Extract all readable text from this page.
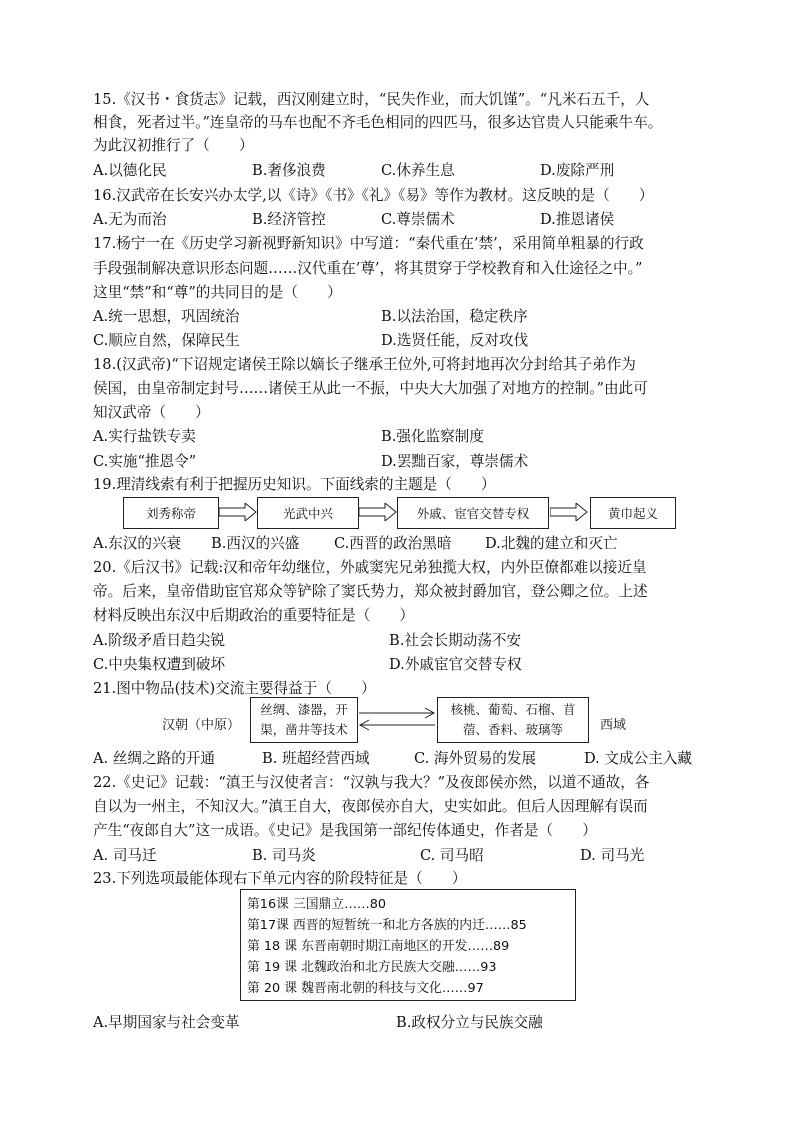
15.《汉书・食货志》记载，西汉刚建立时，“民失作业，而大饥馑”。“凡米石五千，人
相食，死者过半。”连皇帝的马车也配不齐毛色相同的四匹马，很多达官贵人只能乘牛车。
为此汉初推行了（　　）
A.以德化民	B.奢侈浪费	C.休养生息	D.废除严刑
16.汉武帝在长安兴办太学,以《诗》《书》《礼》《易》等作为教材。这反映的是（　　）
A.无为而治	B.经济管控	C.尊崇儒术	D.推恩诸侯
17.杨宁一在《历史学习新视野新知识》中写道：“秦代重在’禁’，采用简单粗暴的行政
手段强制解决意识形态问题……汉代重在’尊’，将其贯穿于学校教育和入仕途径之中。”
这里“禁”和“尊”的共同目的是（　　）
A.统一思想，巩固统治	B.以法治国，稳定秩序
C.顺应自然，保障民生	D.选贤任能，反对攻伐
18.(汉武帝)“下诏规定诸侯王除以嫡长子继承王位外,可将封地再次分封给其子弟作为
侯国，由皇帝制定封号……诸侯王从此一不振，中央大大加强了对地方的控制。”由此可
知汉武帝（　　）
A.实行盐铁专卖	B.强化监察制度
C.实施“推恩令”	D.罢黜百家，尊崇儒术
19.理清线索有利于把握历史知识。下面线索的主题是（　　）
刘秀称帝	光武中兴	外戚、宦官交替专权	黄巾起义
A.东汉的兴衰 B.西汉的兴盛 C.西晋的政治黑暗 D.北魏的建立和灭亡
20.《后汉书》记载:汉和帝年幼继位，外戚窦宪兄弟独揽大权，内外臣僚都难以接近皇
帝。后来，皇帝借助宦官郑众等铲除了窦氏势力，郑众被封爵加官，登公卿之位。上述
材料反映出东汉中后期政治的重要特征是（　　）
A.阶级矛盾日趋尖锐	B.社会长期动荡不安
C.中央集权遭到破坏	D.外戚宦官交替专权
21.图中物品(技术)交流主要得益于（　　）
汉朝（中原）
丝绸、漆器，开
渠，凿井等技术
核桃、葡萄、石榴、苜
蓿、香料、玻璃等	西域
A. 丝绸之路的开通	B. 班超经营西域	C. 海外贸易的发展	D. 文成公主入藏
22.《史记》记载：“滇王与汉使者言：“汉孰与我大？”及夜郎侯亦然，以道不通故，各
自以为一州主，不知汉大。”滇王自大，夜郎侯亦自大，史实如此。但后人因理解有误而
产生“夜郎自大”这一成语。《史记》是我国第一部纪传体通史，作者是（　　）
A. 司马迁	B. 司马炎	C. 司马昭	D. 司马光
23.下列选项最能体现右下单元内容的阶段特征是（　　）
第16课 三国鼎立……80
第17课 西晋的短暂统一和北方各族的内迁……85
第 18 课 东晋南朝时期江南地区的开发……89
第 19 课 北魏政治和北方民族大交融……93
第 20 课 魏晋南北朝的科技与文化……97
A.早期国家与社会变革	B.政权分立与民族交融
